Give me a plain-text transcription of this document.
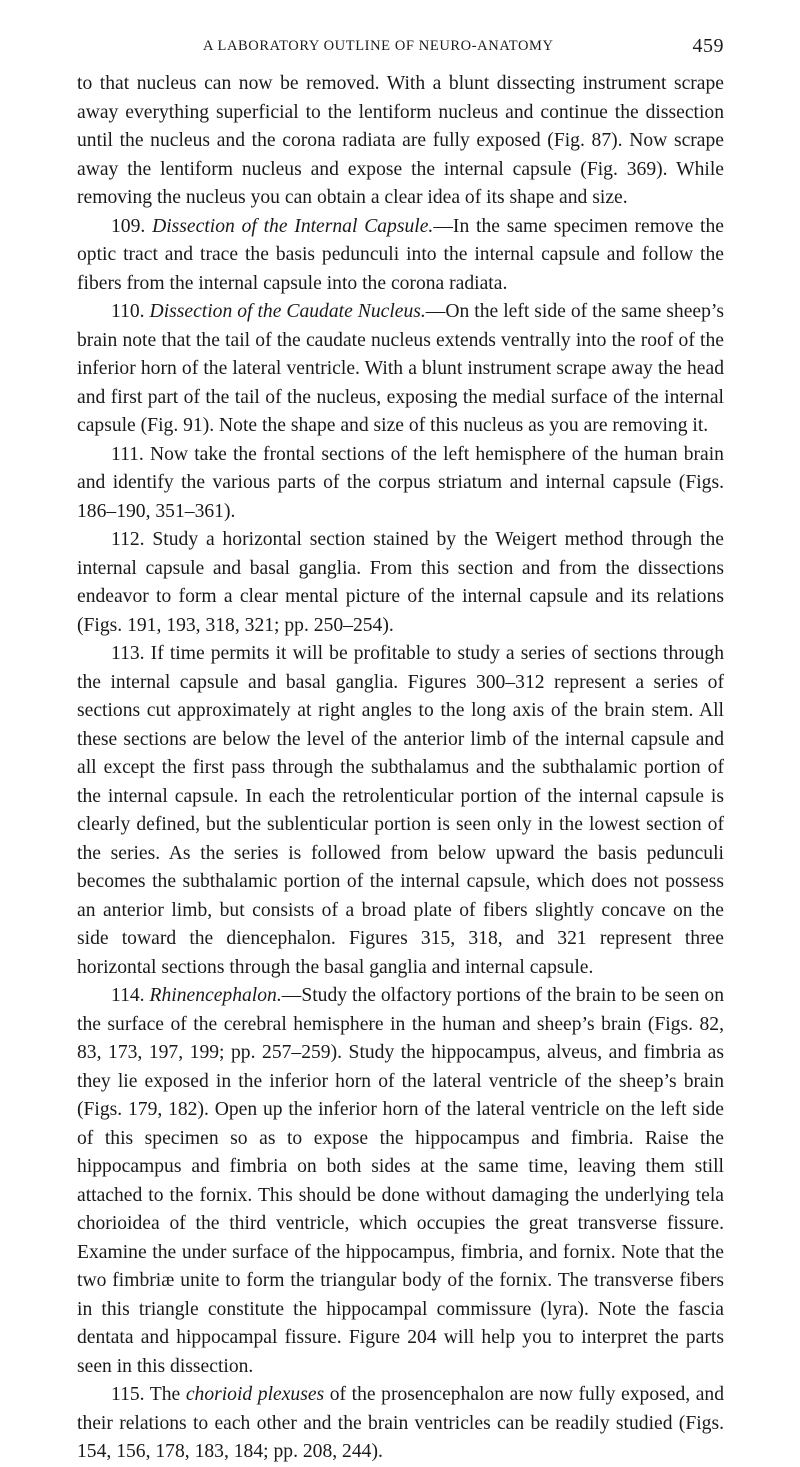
A LABORATORY OUTLINE OF NEURO-ANATOMY	459

to that nucleus can now be removed. With a blunt dissecting instrument scrape away everything superficial to the lentiform nucleus and continue the dissection until the nucleus and the corona radiata are fully exposed (Fig. 87). Now scrape away the lentiform nucleus and expose the internal capsule (Fig. 369). While removing the nucleus you can obtain a clear idea of its shape and size.

109. Dissection of the Internal Capsule.—In the same specimen remove the optic tract and trace the basis pedunculi into the internal capsule and follow the fibers from the internal capsule into the corona radiata.

110. Dissection of the Caudate Nucleus.—On the left side of the same sheep’s brain note that the tail of the caudate nucleus extends ventrally into the roof of the inferior horn of the lateral ventricle. With a blunt instrument scrape away the head and first part of the tail of the nucleus, exposing the medial surface of the internal capsule (Fig. 91). Note the shape and size of this nucleus as you are removing it.

111. Now take the frontal sections of the left hemisphere of the human brain and identify the various parts of the corpus striatum and internal capsule (Figs. 186–190, 351–361).

112. Study a horizontal section stained by the Weigert method through the internal capsule and basal ganglia. From this section and from the dissections endeavor to form a clear mental picture of the internal capsule and its relations (Figs. 191, 193, 318, 321; pp. 250–254).

113. If time permits it will be profitable to study a series of sections through the internal capsule and basal ganglia. Figures 300–312 represent a series of sections cut approximately at right angles to the long axis of the brain stem. All these sections are below the level of the anterior limb of the internal capsule and all except the first pass through the subthalamus and the subthalamic portion of the internal capsule. In each the retrolenticular portion of the internal capsule is clearly defined, but the sublenticular portion is seen only in the lowest section of the series. As the series is followed from below upward the basis pedunculi becomes the subthalamic portion of the internal capsule, which does not possess an anterior limb, but consists of a broad plate of fibers slightly concave on the side toward the diencephalon. Figures 315, 318, and 321 represent three horizontal sections through the basal ganglia and internal capsule.

114. Rhinencephalon.—Study the olfactory portions of the brain to be seen on the surface of the cerebral hemisphere in the human and sheep’s brain (Figs. 82, 83, 173, 197, 199; pp. 257–259). Study the hippocampus, alveus, and fimbria as they lie exposed in the inferior horn of the lateral ventricle of the sheep’s brain (Figs. 179, 182). Open up the inferior horn of the lateral ventricle on the left side of this specimen so as to expose the hippocampus and fimbria. Raise the hippocampus and fimbria on both sides at the same time, leaving them still attached to the fornix. This should be done without damaging the underlying tela chorioidea of the third ventricle, which occupies the great transverse fissure. Examine the under surface of the hippocampus, fimbria, and fornix. Note that the two fimbriæ unite to form the triangular body of the fornix. The transverse fibers in this triangle constitute the hippocampal commissure (lyra). Note the fascia dentata and hippocampal fissure. Figure 204 will help you to interpret the parts seen in this dissection.

115. The chorioid plexuses of the prosencephalon are now fully exposed, and their relations to each other and the brain ventricles can be readily studied (Figs. 154, 156, 178, 183, 184; pp. 208, 244).
